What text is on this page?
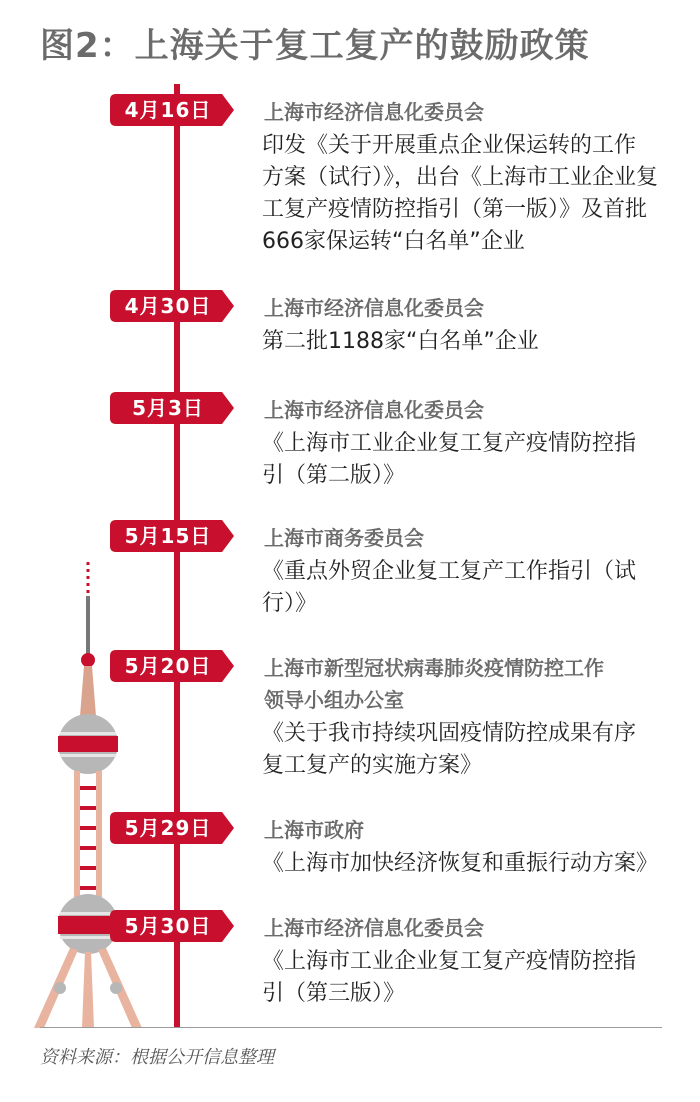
图2：上海关于复工复产的鼓励政策
4月16日	上海市经济信息化委员会
印发《关于开展重点企业保运转的工作
方案（试行）》，出台《上海市工业企业复
工复产疫情防控指引（第一版）》及首批
666家保运转“白名单”企业
4月30日	上海市经济信息化委员会
第二批1188家“白名单”企业
5月3日	上海市经济信息化委员会
《上海市工业企业复工复产疫情防控指
引（第二版）》
5月15日	上海市商务委员会
《重点外贸企业复工复产工作指引（试
行）》
5月20日	上海市新型冠状病毒肺炎疫情防控工作
领导小组办公室
《关于我市持续巩固疫情防控成果有序
复工复产的实施方案》
5月29日	上海市政府
《上海市加快经济恢复和重振行动方案》
5月30日	上海市经济信息化委员会
《上海市工业企业复工复产疫情防控指
引（第三版）》
资料来源：根据公开信息整理
